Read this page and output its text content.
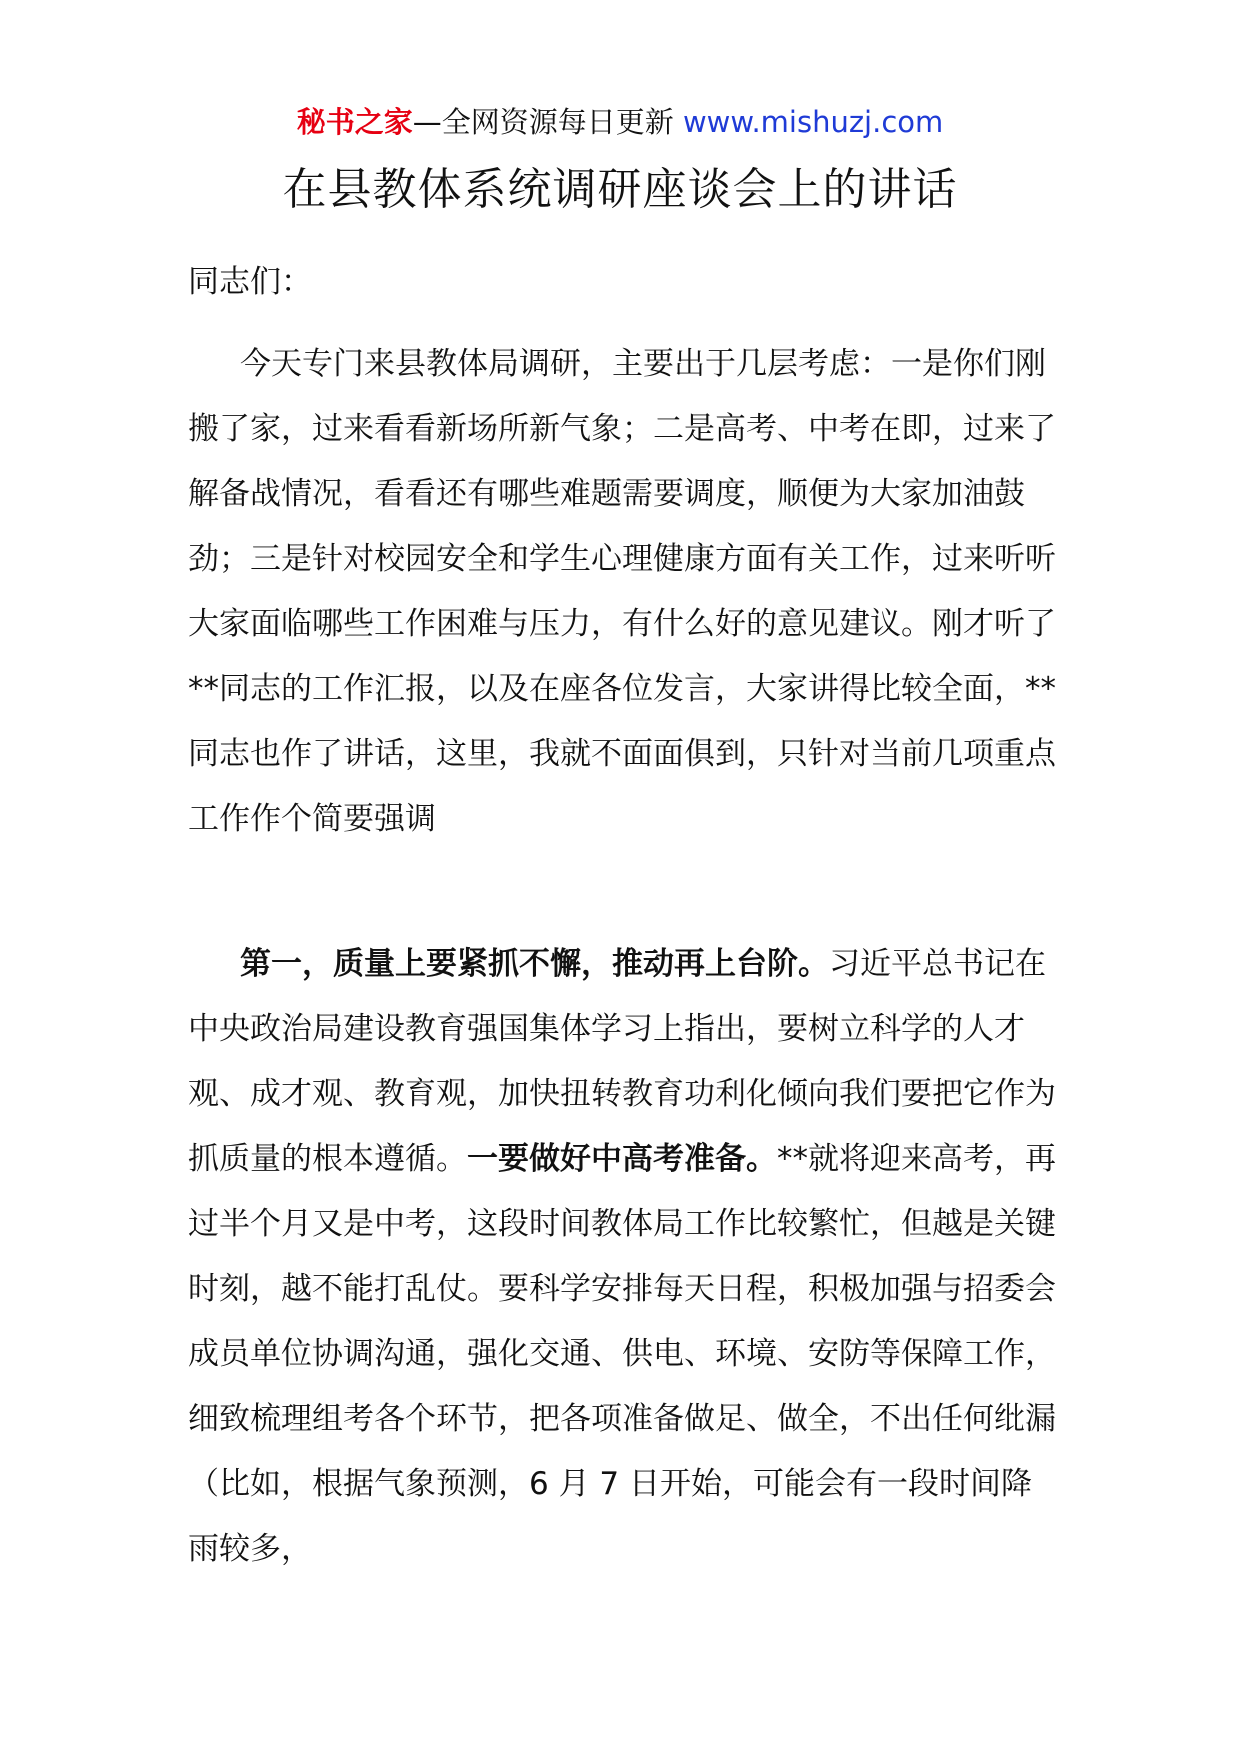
秘书之家—全网资源每日更新 www.mishuzj.com
在县教体系统调研座谈会上的讲话

同志们：

今天专门来县教体局调研，主要出于几层考虑：一是你们刚搬了家，过来看看新场所新气象；二是高考、中考在即，过来了解备战情况，看看还有哪些难题需要调度，顺便为大家加油鼓劲；三是针对校园安全和学生心理健康方面有关工作，过来听听大家面临哪些工作困难与压力，有什么好的意见建议。刚才听了**同志的工作汇报，以及在座各位发言，大家讲得比较全面，**同志也作了讲话，这里，我就不面面俱到，只针对当前几项重点工作作个简要强调

第一，质量上要紧抓不懈，推动再上台阶。习近平总书记在中央政治局建设教育强国集体学习上指出，要树立科学的人才观、成才观、教育观，加快扭转教育功利化倾向我们要把它作为抓质量的根本遵循。一要做好中高考准备。**就将迎来高考，再过半个月又是中考，这段时间教体局工作比较繁忙，但越是关键时刻，越不能打乱仗。要科学安排每天日程，积极加强与招委会成员单位协调沟通，强化交通、供电、环境、安防等保障工作，细致梳理组考各个环节，把各项准备做足、做全，不出任何纰漏（比如，根据气象预测，6 月 7 日开始，可能会有一段时间降雨较多，
